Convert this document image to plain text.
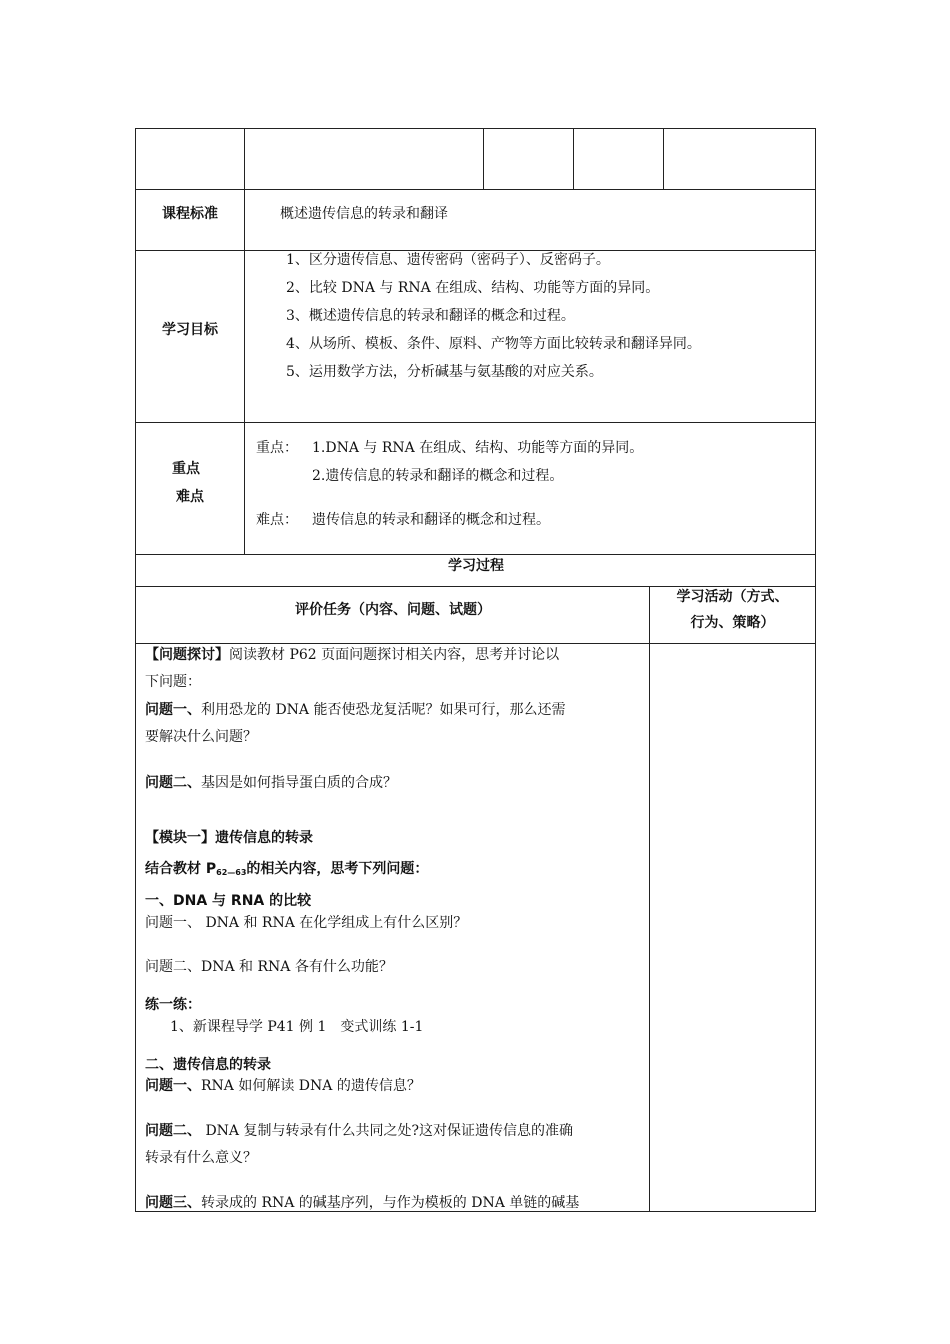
课程标准	概述遗传信息的转录和翻译
学习目标
1、区分遗传信息、遗传密码（密码子）、反密码子。
2、比较 DNA 与 RNA 在组成、结构、功能等方面的异同。
3、概述遗传信息的转录和翻译的概念和过程。
4、从场所、模板、条件、原料、产物等方面比较转录和翻译异同。
5、运用数学方法，分析碱基与氨基酸的对应关系。
重点
难点
重点： 1.DNA 与 RNA 在组成、结构、功能等方面的异同。
2.遗传信息的转录和翻译的概念和过程。
难点： 遗传信息的转录和翻译的概念和过程。
学习过程
评价任务（内容、问题、试题）
学习活动（方式、
行为、策略）
【问题探讨】阅读教材 P62 页面问题探讨相关内容，思考并讨论以
下问题：
问题一、利用恐龙的 DNA 能否使恐龙复活呢？如果可行，那么还需
要解决什么问题？
问题二、基因是如何指导蛋白质的合成？
【模块一】遗传信息的转录
结合教材 $P_{62—63}$的相关内容，思考下列问题：
一、DNA 与 RNA 的比较
问题一、 DNA 和 RNA 在化学组成上有什么区别？
问题二、DNA 和 RNA 各有什么功能？
练一练：
1、新课程导学 P41 例 1　变式训练 1-1
二、遗传信息的转录
问题一、RNA 如何解读 DNA 的遗传信息？
问题二、 DNA 复制与转录有什么共同之处?这对保证遗传信息的准确
转录有什么意义？
问题三、转录成的 RNA 的碱基序列，与作为模板的 DNA 单链的碱基
